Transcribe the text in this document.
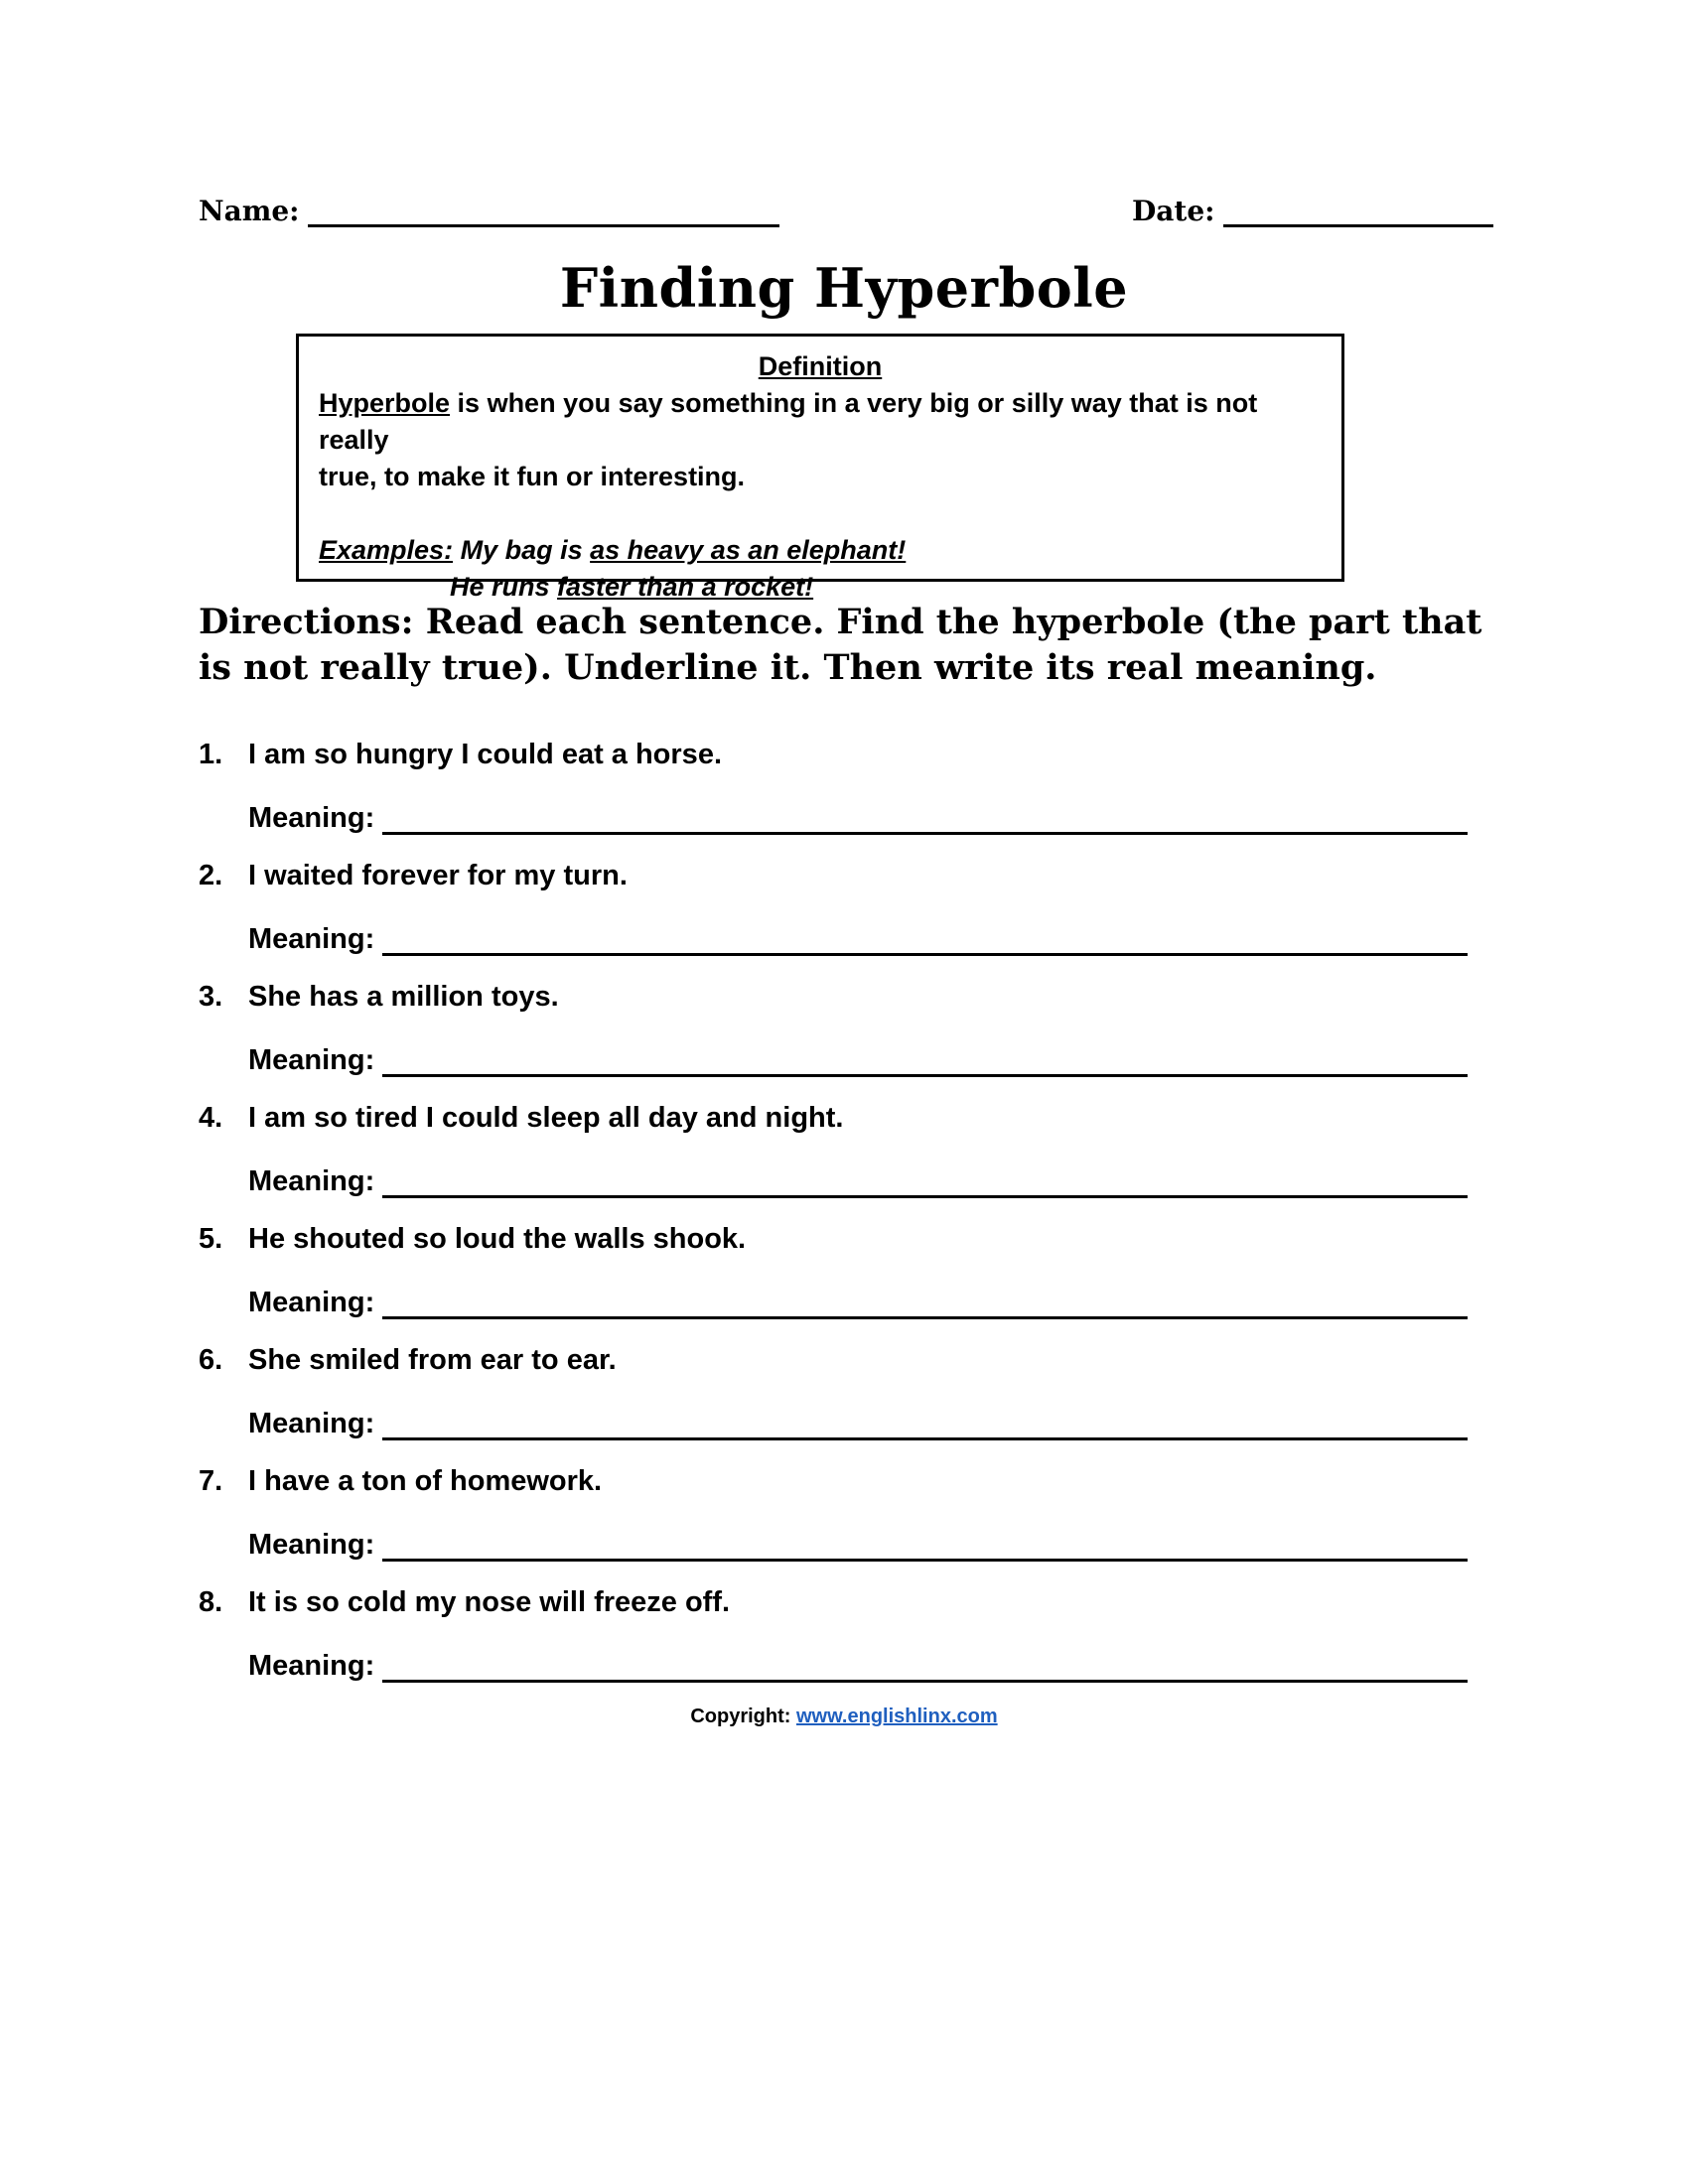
Name:	Date:
Finding Hyperbole
Definition
Hyperbole is when you say something in a very big or silly way that is not really
true, to make it fun or interesting.
Examples: My bag is as heavy as an elephant!
He runs faster than a rocket!
Directions: Read each sentence. Find the hyperbole (the part that is not really true). Underline it. Then write its real meaning.
1. I am so hungry I could eat a horse.
Meaning:
2. I waited forever for my turn.
Meaning:
3. She has a million toys.
Meaning:
4. I am so tired I could sleep all day and night.
Meaning:
5. He shouted so loud the walls shook.
Meaning:
6. She smiled from ear to ear.
Meaning:
7. I have a ton of homework.
Meaning:
8. It is so cold my nose will freeze off.
Meaning:
Copyright: www.englishlinx.com
